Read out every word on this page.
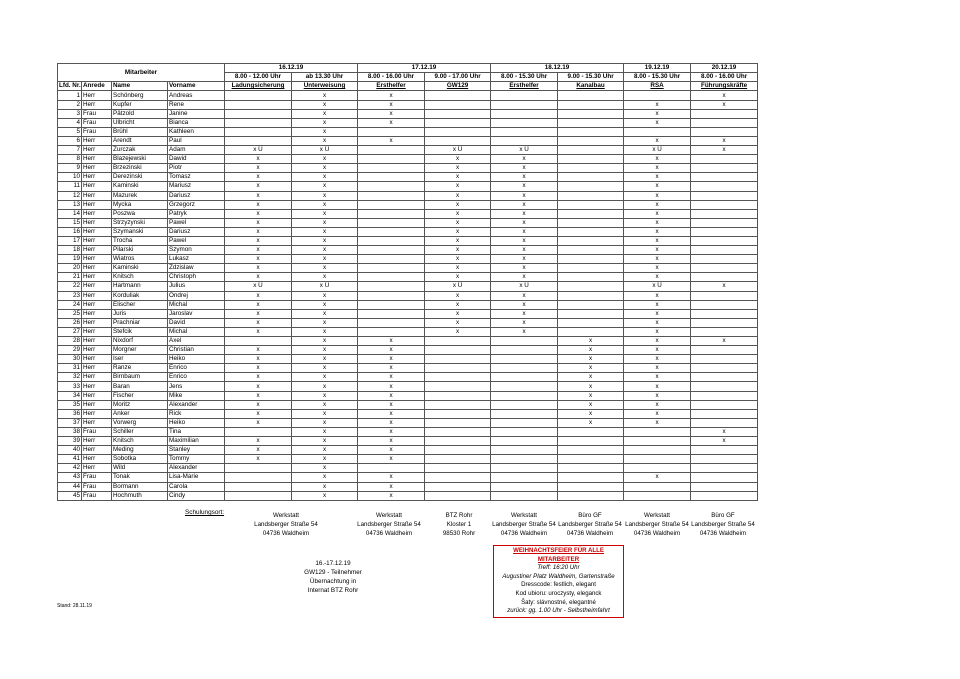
Mitarbeiter				16.12.19		17.12.19		18.12.19		19.12.19	20.12.19
				8.00 - 12.00 Uhr	ab 13.30 Uhr	8.00 - 16.00 Uhr	9.00 - 17.00 Uhr	8.00 - 15.30 Uhr	9.00 - 15.30 Uhr	8.00 - 15.30 Uhr	8.00 - 16.00 Uhr
Lfd. Nr.	Anrede	Name	Vorname	Ladungsicherung	Unterweisung	Ersthelfer	GW129	Ersthelfer	Kanalbau	RSA	Führungskräfte
1	Herr	Schönberg	Andreas		x	x					x
2	Herr	Kupfer	Rene		x	x				x	x
3	Frau	Pätzold	Janine		x	x				x	
4	Frau	Ulbricht	Bianca		x	x				x	
5	Frau	Brühl	Kathleen		x						
6	Herr	Arendt	Paul		x	x				x	x
7	Herr	Zurczak	Adam	x Ü	x Ü		x Ü	x Ü		x Ü	x
8	Herr	Blazejewski	Dawid	x	x		x	x		x	
9	Herr	Brzezinski	Piotr	x	x		x	x		x	
10	Herr	Derezinski	Tomasz	x	x		x	x		x	
11	Herr	Kaminski	Mariusz	x	x		x	x		x	
12	Herr	Mazurek	Dariusz	x	x		x	x		x	
13	Herr	Mycka	Grzegorz	x	x		x	x		x	
14	Herr	Poszwa	Patryk	x	x		x	x		x	
15	Herr	Strzyzynski	Pawel	x	x		x	x		x	
16	Herr	Szymanski	Dariusz	x	x		x	x		x	
17	Herr	Trocha	Pawel	x	x		x	x		x	
18	Herr	Pilarski	Szymon	x	x		x	x		x	
19	Herr	Wiatros	Lukasz	x	x		x	x		x	
20	Herr	Kaminski	Zdzislaw	x	x		x	x		x	
21	Herr	Knitsch	Christoph	x	x		x	x		x	
22	Herr	Hartmann	Julius	x Ü	x Ü		x Ü	x Ü		x Ü	x
23	Herr	Korduliak	Ondrej	x	x		x	x		x	
24	Herr	Elischer	Michal	x	x		x	x		x	
25	Herr	Juris	Jaroslav	x	x		x	x		x	
26	Herr	Prachniar	David	x	x		x	x		x	
27	Herr	Stefcik	Michal	x	x		x	x		x	
28	Herr	Nixdorf	Axel		x	x			x	x	x
29	Herr	Morgner	Christian	x	x	x			x	x	
30	Herr	Iser	Heiko	x	x	x			x	x	
31	Herr	Ranze	Enrico	x	x	x			x	x	
32	Herr	Birnbaum	Enrico	x	x	x			x	x	
33	Herr	Baran	Jens	x	x	x			x	x	
34	Herr	Fischer	Mike	x	x	x			x	x	
35	Herr	Moritz	Alexander	x	x	x			x	x	
36	Herr	Anker	Rick	x	x	x			x	x	
37	Herr	Vorwerg	Heiko	x	x	x			x	x	
38	Frau	Schiller	Tina		x	x					x
39	Herr	Knitsch	Maximilian	x	x	x					x
40	Herr	Meding	Stanley	x	x	x					
41	Herr	Sobotka	Tommy	x	x	x					
42	Herr	Wild	Alexander		x						
43	Frau	Tonak	Lisa-Marie		x	x				x	
44	Frau	Bormann	Carola		x	x					
45	Frau	Hochmuth	Cindy		x	x					
Schulungsort:	Werkstatt
Landsberger Straße 54
04736 Waldheim
Werkstatt
Landsberger Straße 54
04736 Waldheim
BTZ Rohr
Kloster 1
98530 Rohr
Werkstatt
Landsberger Straße 54
04736 Waldheim
Büro GF
Landsberger Straße 54
04736 Waldheim
Werkstatt
Landsberger Straße 54
04736 Waldheim
Büro GF
Landsberger Straße 54
04736 Waldheim
16.-17.12.19
GW129 - Teilnehmer
Übernachtung in
Internat BTZ Rohr
WEIHNACHTSFEIER FÜR ALLE MITARBEITER
Treff: 16:20 Uhr
Augustiner Platz Waldheim, Gartenstraße
Dresscode: festlich, elegant
Kod ubioru: uroczysty, eleganck
Šaty: slávnostné, elegantné
zurück: gg. 1.00 Uhr - Selbstheimfahrt
Stand: 28.11.19
